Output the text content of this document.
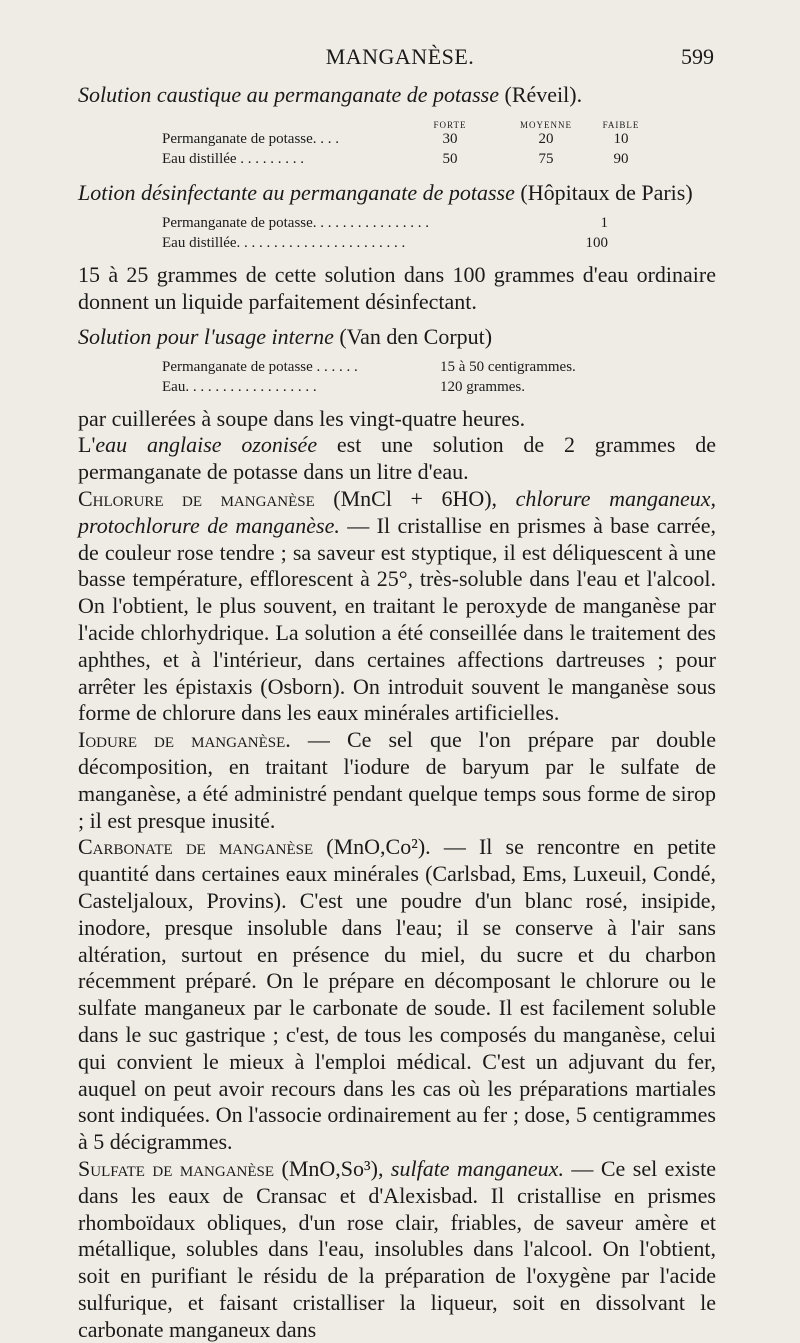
MANGANÈSE.	599
Solution caustique au permanganate de potasse (Réveil).
FORTE	MOYENNE	FAIBLE
Permanganate de potasse. . . .	30	20	10
Eau distillée . . . . . . . . .	50	75	90
Lotion désinfectante au permanganate de potasse (Hôpitaux de Paris)
Permanganate de potasse. . . . . . . . . . . . . . . .	1
Eau distillée. . . . . . . . . . . . . . . . . . . . . . .	100

15 à 25 grammes de cette solution dans 100 grammes d'eau ordinaire donnent un liquide parfaitement désinfectant.

Solution pour l'usage interne (Van den Corput)
Permanganate de potasse . . . . . .	15 à 50 centigrammes.
Eau. . . . . . . . . . . . . . . . . .	120 grammes.

par cuillerées à soupe dans les vingt-quatre heures.

L'eau anglaise ozonisée est une solution de 2 grammes de permanganate de potasse dans un litre d'eau.

Chlorure de manganèse (MnCl + 6HO), chlorure manganeux, protochlorure de manganèse. — Il cristallise en prismes à base carrée, de couleur rose tendre ; sa saveur est styptique, il est déliquescent à une basse température, efflorescent à 25°, très-soluble dans l'eau et l'alcool. On l'obtient, le plus souvent, en traitant le peroxyde de manganèse par l'acide chlorhydrique. La solution a été conseillée dans le traitement des aphthes, et à l'intérieur, dans certaines affections dartreuses ; pour arrêter les épistaxis (Osborn). On introduit souvent le manganèse sous forme de chlorure dans les eaux minérales artificielles.

Iodure de manganèse. — Ce sel que l'on prépare par double décomposition, en traitant l'iodure de baryum par le sulfate de manganèse, a été administré pendant quelque temps sous forme de sirop ; il est presque inusité.

Carbonate de manganèse (MnO,Co²). — Il se rencontre en petite quantité dans certaines eaux minérales (Carlsbad, Ems, Luxeuil, Condé, Casteljaloux, Provins). C'est une poudre d'un blanc rosé, insipide, inodore, presque insoluble dans l'eau; il se conserve à l'air sans altération, surtout en présence du miel, du sucre et du charbon récemment préparé. On le prépare en décomposant le chlorure ou le sulfate manganeux par le carbonate de soude. Il est facilement soluble dans le suc gastrique ; c'est, de tous les composés du manganèse, celui qui convient le mieux à l'emploi médical. C'est un adjuvant du fer, auquel on peut avoir recours dans les cas où les préparations martiales sont indiquées. On l'associe ordinairement au fer ; dose, 5 centigrammes à 5 décigrammes.

Sulfate de manganèse (MnO,So³), sulfate manganeux. — Ce sel existe dans les eaux de Cransac et d'Alexisbad. Il cristallise en prismes rhomboïdaux obliques, d'un rose clair, friables, de saveur amère et métallique, solubles dans l'eau, insolubles dans l'alcool. On l'obtient, soit en purifiant le résidu de la préparation de l'oxygène par l'acide sulfurique, et faisant cristalliser la liqueur, soit en dissolvant le carbonate manganeux dans
